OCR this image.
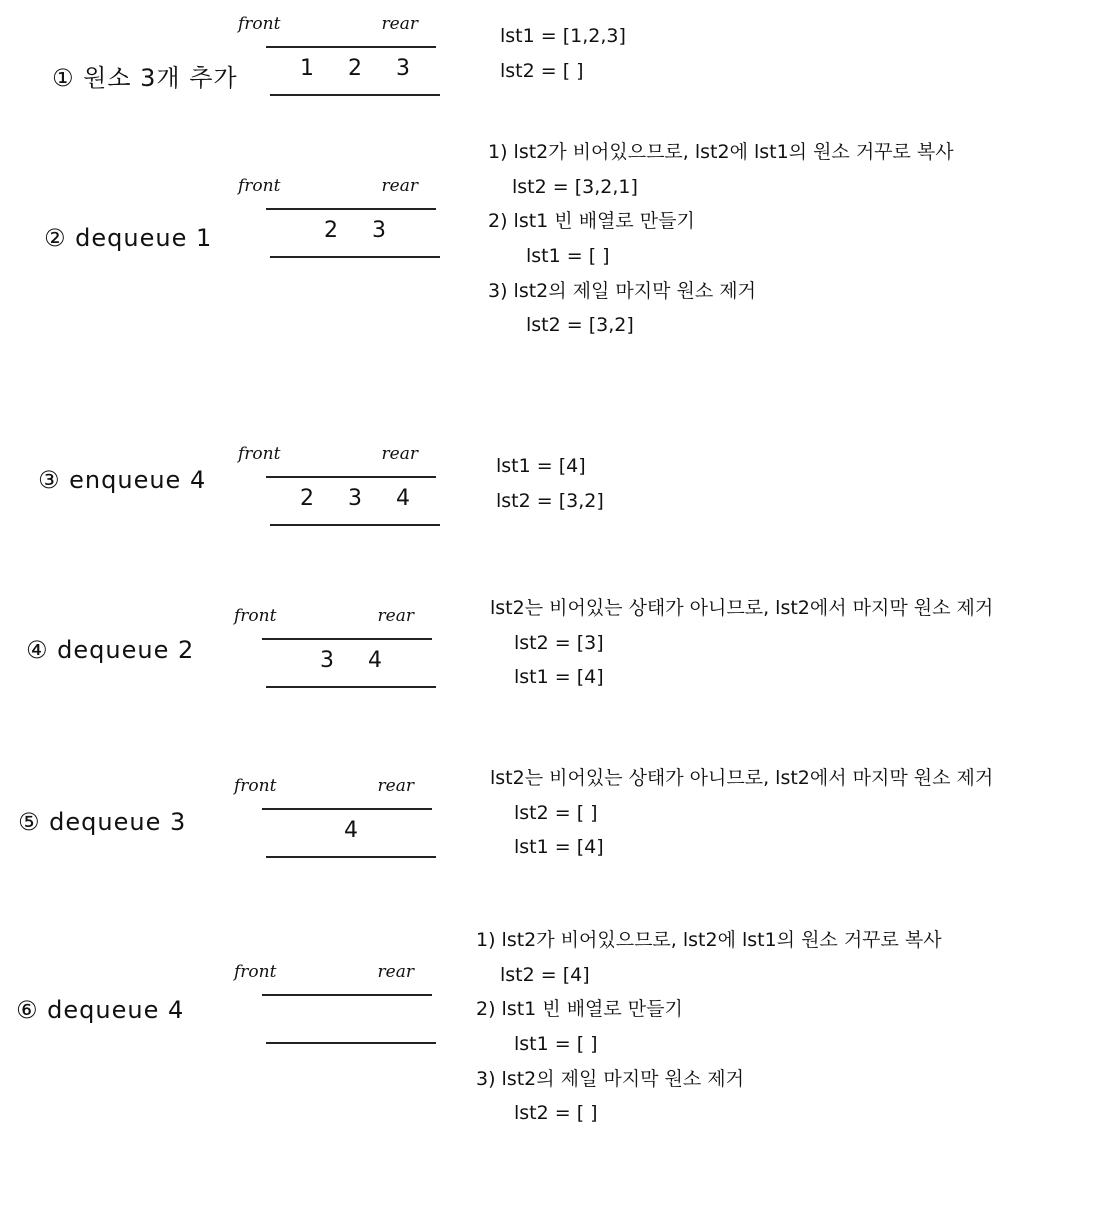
① 원소 3개 추가
front	rear
1 2 3
lst1 = [1,2,3]
lst2 = [ ]
② dequeue 1
front	rear
2 3
1) lst2가 비어있으므로, lst2에 lst1의 원소 거꾸로 복사
lst2 = [3,2,1]
2) lst1 빈 배열로 만들기
lst1 = [ ]
3) lst2의 제일 마지막 원소 제거
lst2 = [3,2]
③ enqueue 4
front	rear
2 3 4
lst1 = [4]
lst2 = [3,2]
④ dequeue 2
front	rear
3 4
lst2는 비어있는 상태가 아니므로, lst2에서 마지막 원소 제거
lst2 = [3]
lst1 = [4]
⑤ dequeue 3
front	rear
4
lst2는 비어있는 상태가 아니므로, lst2에서 마지막 원소 제거
lst2 = [ ]
lst1 = [4]
⑥ dequeue 4
front	rear
1) lst2가 비어있으므로, lst2에 lst1의 원소 거꾸로 복사
lst2 = [4]
2) lst1 빈 배열로 만들기
lst1 = [ ]
3) lst2의 제일 마지막 원소 제거
lst2 = [ ]
